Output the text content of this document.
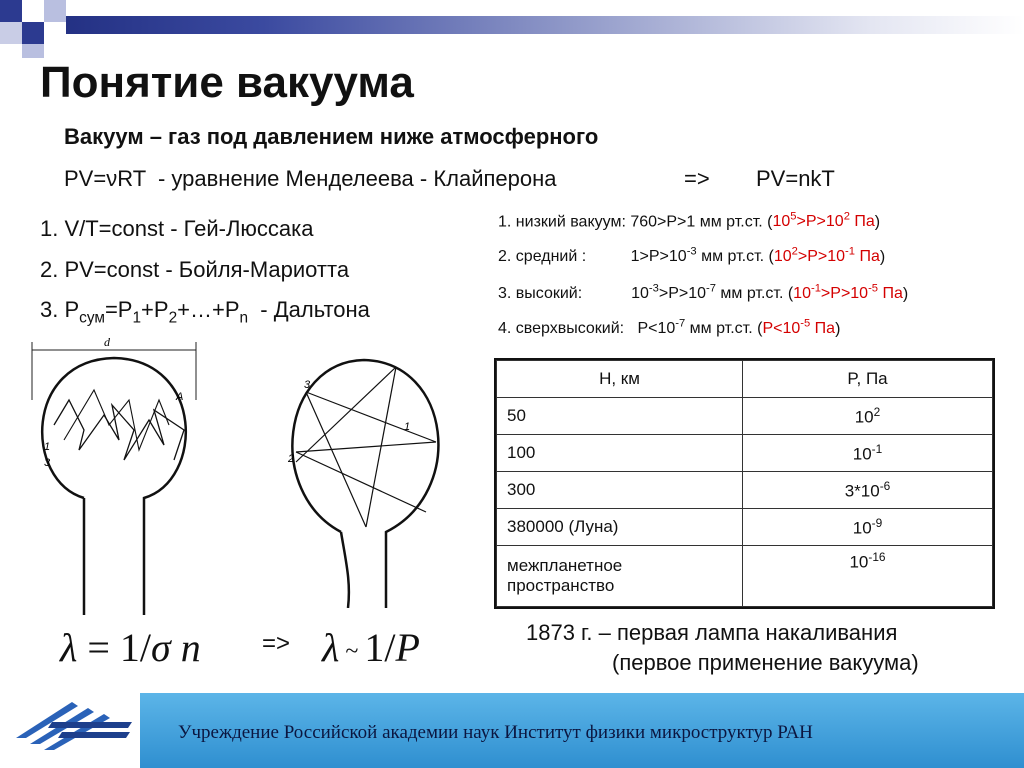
Понятие вакуума
Вакуум – газ под давлением ниже атмосферного
PV=νRT  - уравнение Менделеева - Клайперона	=> PV=nkT
1. V/T=const - Гей-Люссака
2. PV=const - Бойля-Мариотта
3. $P_{сум}=P_1+P_2+\dots+P_n$  - Дальтона
1. низкий вакуум: 760>P>1 мм рт.ст. ($10^5>P>10^2$ Па)
2. средний :          $1>P>10^{-3}$ мм рт.ст. ($10^2>P>10^{-1}$ Па)
3. высокий:           $10^{-3}>P>10^{-7}$ мм рт.ст. ($10^{-1}>P>10^{-5}$ Па)
4. сверхвысокий:   $P<10^{-7}$ мм рт.ст. ($P<10^{-5}$ Па)
d
A
1
3
1
2
3	H, км	P, Па
50	$10^2$
100	$10^{-1}$
300	$3*10^{-6}$
380000 (Луна)	$10^{-9}$
межпланетное пространство	$10^{-16}$
1873 г. – первая лампа накаливания
(первое применение вакуума)
λ = 1/σ n	=> λ ~ 1/P
Учреждение Российской академии наук Институт физики микроструктур РАН
